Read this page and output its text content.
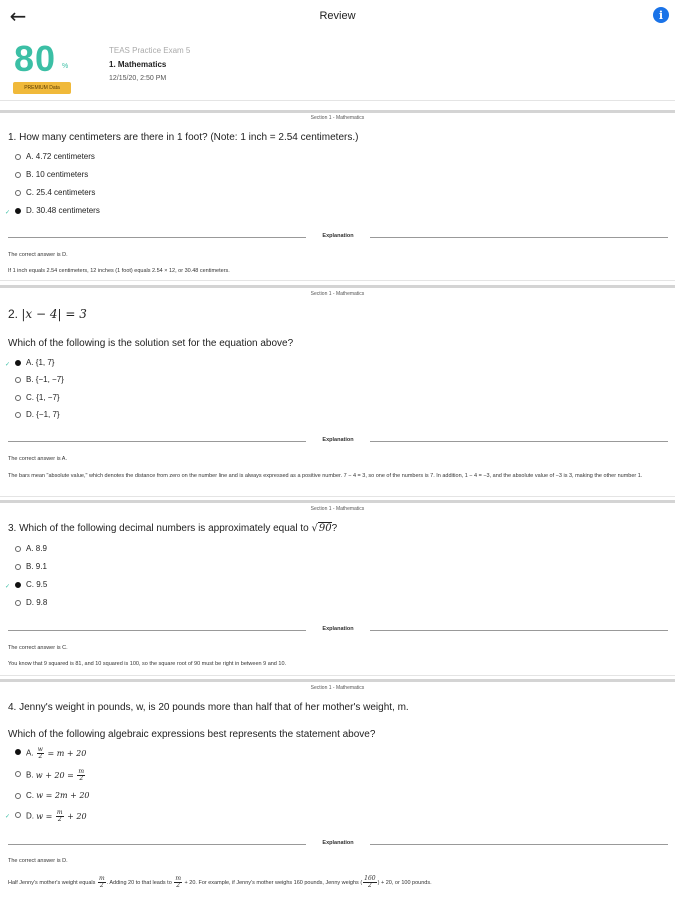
←	Review	i
80 %
PREMIUM Data
TEAS Practice Exam 5
1. Mathematics
12/15/20, 2:50 PM
Section 1 - Mathematics
1. How many centimeters are there in 1 foot? (Note: 1 inch = 2.54 centimeters.)
A. 4.72 centimeters
B. 10 centimeters
C. 25.4 centimeters
✓	D. 30.48 centimeters
Explanation
The correct answer is D.
If 1 inch equals 2.54 centimeters, 12 inches (1 foot) equals 2.54 × 12, or 30.48 centimeters.
Section 1 - Mathematics
2. |x − 4| = 3
Which of the following is the solution set for the equation above?
✓	A. {1, 7}
B. {−1, −7}
C. {1, −7}
D. {−1, 7}
Explanation
The correct answer is A.
The bars mean "absolute value," which denotes the distance from zero on the number line and is always expressed as a positive number. 7 − 4 = 3, so one of the numbers is 7. In addition, 1 − 4 = −3, and the absolute value of −3 is 3, making the other number 1.
Section 1 - Mathematics
3. Which of the following decimal numbers is approximately equal to √90?
A. 8.9
B. 9.1
✓	C. 9.5
D. 9.8
Explanation
The correct answer is C.
You know that 9 squared is 81, and 10 squared is 100, so the square root of 90 must be right in between 9 and 10.
Section 1 - Mathematics
4. Jenny's weight in pounds, w, is 20 pounds more than half that of her mother's weight, m.
Which of the following algebraic expressions best represents the statement above?
A. $\frac{w}{2} = m + 20$
B. $w + 20 = \frac{m}{2}$
C. w = 2m + 20
✓	D. $w = \frac{m}{2} + 20$
Explanation
The correct answer is D.
Half Jenny's mother's weight equals $\frac{m}{2}$ . Adding 20 to that leads to $\frac{m}{2} + 20$. For example, if Jenny's mother weighs 160 pounds, Jenny weighs ( $\frac{160}{2}$ ) + 20, or 100 pounds.
